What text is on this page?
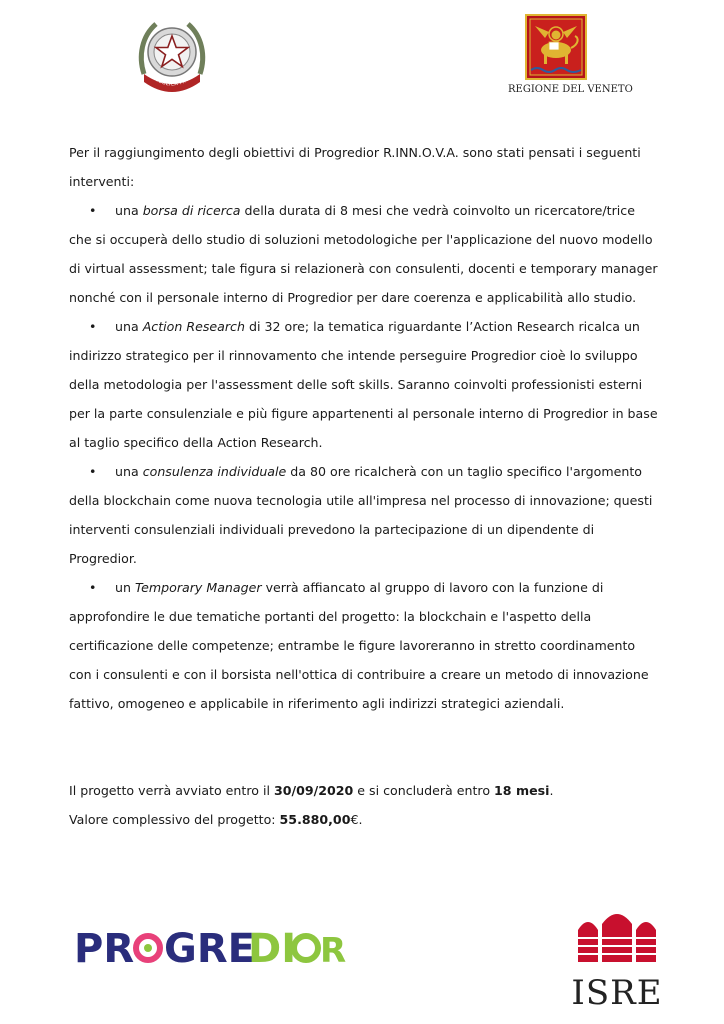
REPUBBLICA ITALIANA
REGIONE DEL VENETO

Per il raggiungimento degli obiettivi di Progredior R.INN.O.V.A. sono stati pensati i seguenti interventi:

• una borsa di ricerca della durata di 8 mesi che vedrà coinvolto un ricercatore/trice che si occuperà dello studio di soluzioni metodologiche per l'applicazione del nuovo modello di virtual assessment; tale figura si relazionerà con consulenti, docenti e temporary manager nonché con il personale interno di Progredior per dare coerenza e applicabilità allo studio.
• una Action Research di 32 ore; la tematica riguardante l’Action Research ricalca un indirizzo strategico per il rinnovamento che intende perseguire Progredior cioè lo sviluppo della metodologia per l'assessment delle soft skills. Saranno coinvolti professionisti esterni per la parte consulenziale e più figure appartenenti al personale interno di Progredior in base al taglio specifico della Action Research.
• una consulenza individuale da 80 ore ricalcherà con un taglio specifico l'argomento della blockchain come nuova tecnologia utile all'impresa nel processo di innovazione; questi interventi consulenziali individuali prevedono la partecipazione di un dipendente di Progredior.
• un Temporary Manager verrà affiancato al gruppo di lavoro con la funzione di approfondire le due tematiche portanti del progetto: la blockchain e l'aspetto della certificazione delle competenze; entrambe le figure lavoreranno in stretto coordinamento con i consulenti e con il borsista nell'ottica di contribuire a creare un metodo di innovazione fattivo, omogeneo e applicabile in riferimento agli indirizzi strategici aziendali.

Il progetto verrà avviato entro il 30/09/2020 e si concluderà entro 18 mesi.

Valore complessivo del progetto: 55.880,00€.

PR GRE
DI R
ISRE
